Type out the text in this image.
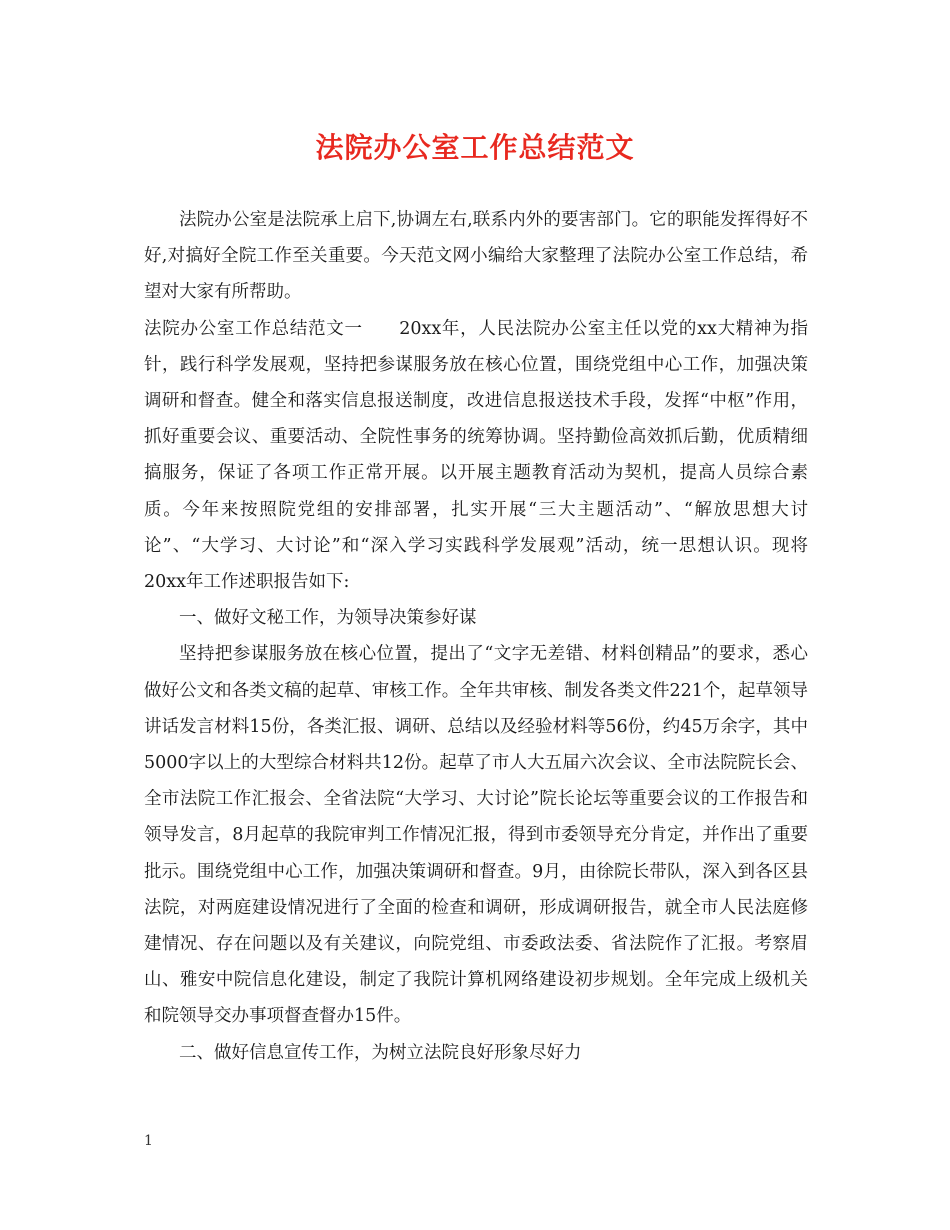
法院办公室工作总结范文

法院办公室是法院承上启下,协调左右,联系内外的要害部门。它的职能发挥得好不好,对搞好全院工作至关重要。今天范文网小编给大家整理了法院办公室工作总结，希望对大家有所帮助。

法院办公室工作总结范文一　　20xx年，人民法院办公室主任以党的xx大精神为指针，践行科学发展观，坚持把参谋服务放在核心位置，围绕党组中心工作，加强决策调研和督查。健全和落实信息报送制度，改进信息报送技术手段，发挥“中枢”作用，抓好重要会议、重要活动、全院性事务的统筹协调。坚持勤俭高效抓后勤，优质精细搞服务，保证了各项工作正常开展。以开展主题教育活动为契机，提高人员综合素质。今年来按照院党组的安排部署，扎实开展“三大主题活动”、“解放思想大讨论”、“大学习、大讨论”和“深入学习实践科学发展观”活动，统一思想认识。现将20xx年工作述职报告如下:

一、做好文秘工作，为领导决策参好谋

坚持把参谋服务放在核心位置，提出了“文字无差错、材料创精品”的要求，悉心做好公文和各类文稿的起草、审核工作。全年共审核、制发各类文件221个，起草领导讲话发言材料15份，各类汇报、调研、总结以及经验材料等56份，约45万余字，其中5000字以上的大型综合材料共12份。起草了市人大五届六次会议、全市法院院长会、全市法院工作汇报会、全省法院“大学习、大讨论”院长论坛等重要会议的工作报告和领导发言，8月起草的我院审判工作情况汇报，得到市委领导充分肯定，并作出了重要批示。围绕党组中心工作，加强决策调研和督查。9月，由徐院长带队，深入到各区县法院，对两庭建设情况进行了全面的检查和调研，形成调研报告，就全市人民法庭修建情况、存在问题以及有关建议，向院党组、市委政法委、省法院作了汇报。考察眉山、雅安中院信息化建设，制定了我院计算机网络建设初步规划。全年完成上级机关和院领导交办事项督查督办15件。

二、做好信息宣传工作，为树立法院良好形象尽好力

1
